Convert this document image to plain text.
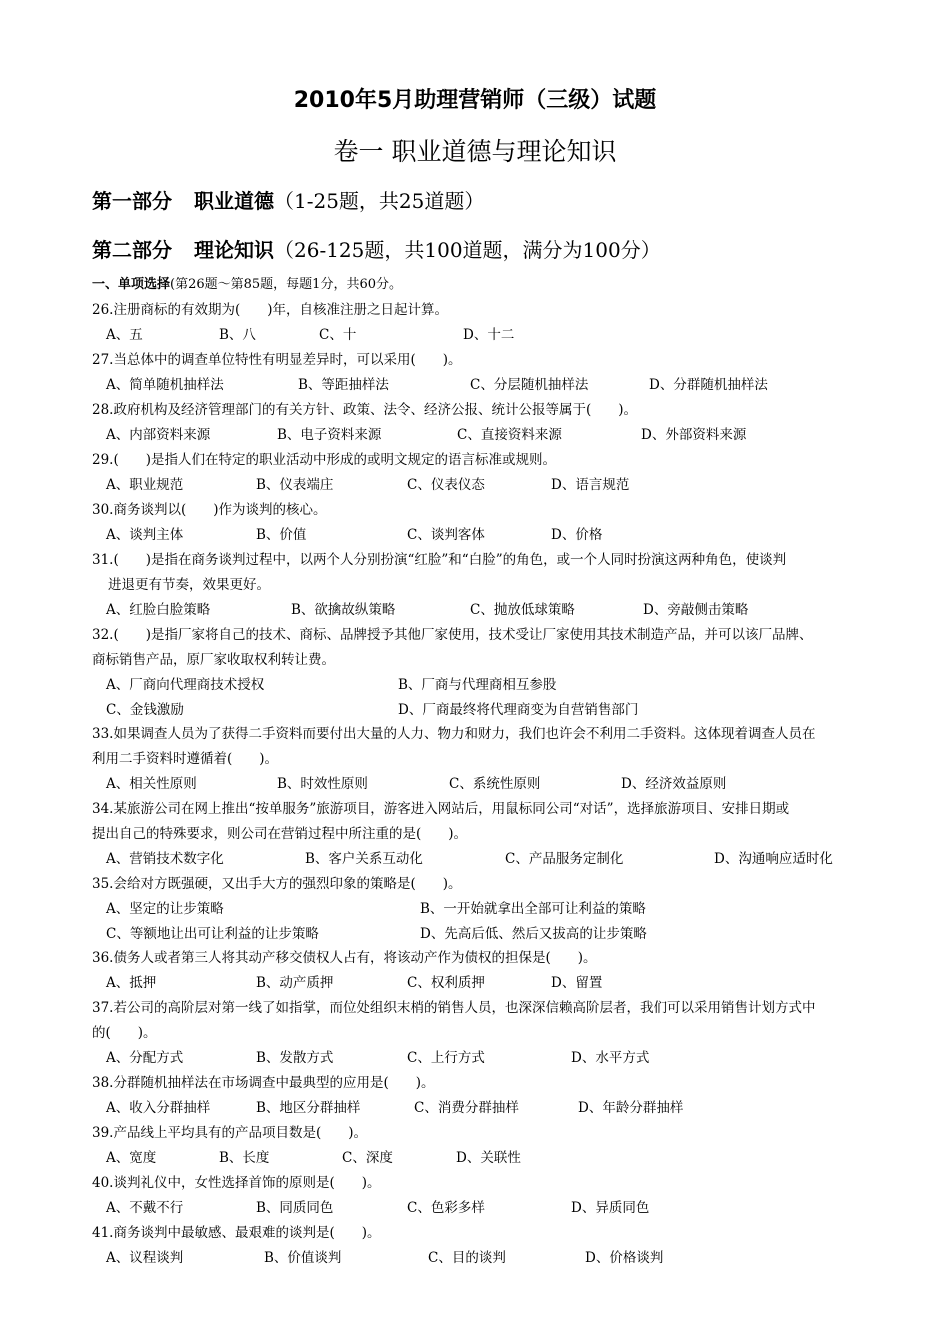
2010年5月助理营销师（三级）试题
卷一 职业道德与理论知识
第一部分 职业道德（1-25题，共25道题）
第二部分 理论知识（26-125题，共100道题，满分为100分）
一、单项选择(第26题～第85题，每题1分，共60分。
26.注册商标的有效期为(　　)年，自核准注册之日起计算。
A、五	B、八	C、十	D、十二
27.当总体中的调查单位特性有明显差异时，可以采用(　　)。
A、简单随机抽样法	B、等距抽样法	C、分层随机抽样法	D、分群随机抽样法
28.政府机构及经济管理部门的有关方针、政策、法令、经济公报、统计公报等属于(　　)。
A、内部资料来源	B、电子资料来源	C、直接资料来源	D、外部资料来源
29.(　　)是指人们在特定的职业活动中形成的或明文规定的语言标准或规则。
A、职业规范	B、仪表端庄	C、仪表仪态	D、语言规范
30.商务谈判以(　　)作为谈判的核心。
A、谈判主体	B、价值	C、谈判客体	D、价格
31.(　　)是指在商务谈判过程中，以两个人分别扮演“红脸”和“白脸”的角色，或一个人同时扮演这两种角色，使谈判
进退更有节奏，效果更好。
A、红脸白脸策略	B、欲擒故纵策略	C、抛放低球策略	D、旁敲侧击策略
32.(　　)是指厂家将自己的技术、商标、品牌授予其他厂家使用，技术受让厂家使用其技术制造产品，并可以该厂品牌、
商标销售产品，原厂家收取权利转让费。
A、厂商向代理商技术授权	B、厂商与代理商相互参股
C、金钱激励	D、厂商最终将代理商变为自营销售部门
33.如果调查人员为了获得二手资料而要付出大量的人力、物力和财力，我们也许会不利用二手资料。这体现着调查人员在
利用二手资料时遵循着(　　)。
A、相关性原则	B、时效性原则	C、系统性原则	D、经济效益原则
34.某旅游公司在网上推出“按单服务”旅游项目，游客进入网站后，用鼠标同公司“对话”，选择旅游项目、安排日期或
提出自己的特殊要求，则公司在营销过程中所注重的是(　　)。
A、营销技术数字化	B、客户关系互动化	C、产品服务定制化	D、沟通响应适时化
35.会给对方既强硬，又出手大方的强烈印象的策略是(　　)。
A、坚定的让步策略	B、一开始就拿出全部可让利益的策略
C、等额地让出可让利益的让步策略	D、先高后低、然后又拔高的让步策略
36.债务人或者第三人将其动产移交债权人占有，将该动产作为债权的担保是(　　)。
A、抵押	B、动产质押	C、权利质押	D、留置
37.若公司的高阶层对第一线了如指掌，而位处组织末梢的销售人员，也深深信赖高阶层者，我们可以采用销售计划方式中
的(　　)。
A、分配方式	B、发散方式	C、上行方式	D、水平方式
38.分群随机抽样法在市场调查中最典型的应用是(　　)。
A、收入分群抽样	B、地区分群抽样	C、消费分群抽样	D、年龄分群抽样
39.产品线上平均具有的产品项目数是(　　)。
A、宽度	B、长度	C、深度	D、关联性
40.谈判礼仪中，女性选择首饰的原则是(　　)。
A、不戴不行	B、同质同色	C、色彩多样	D、异质同色
41.商务谈判中最敏感、最艰难的谈判是(　　)。
A、议程谈判	B、价值谈判	C、目的谈判	D、价格谈判
